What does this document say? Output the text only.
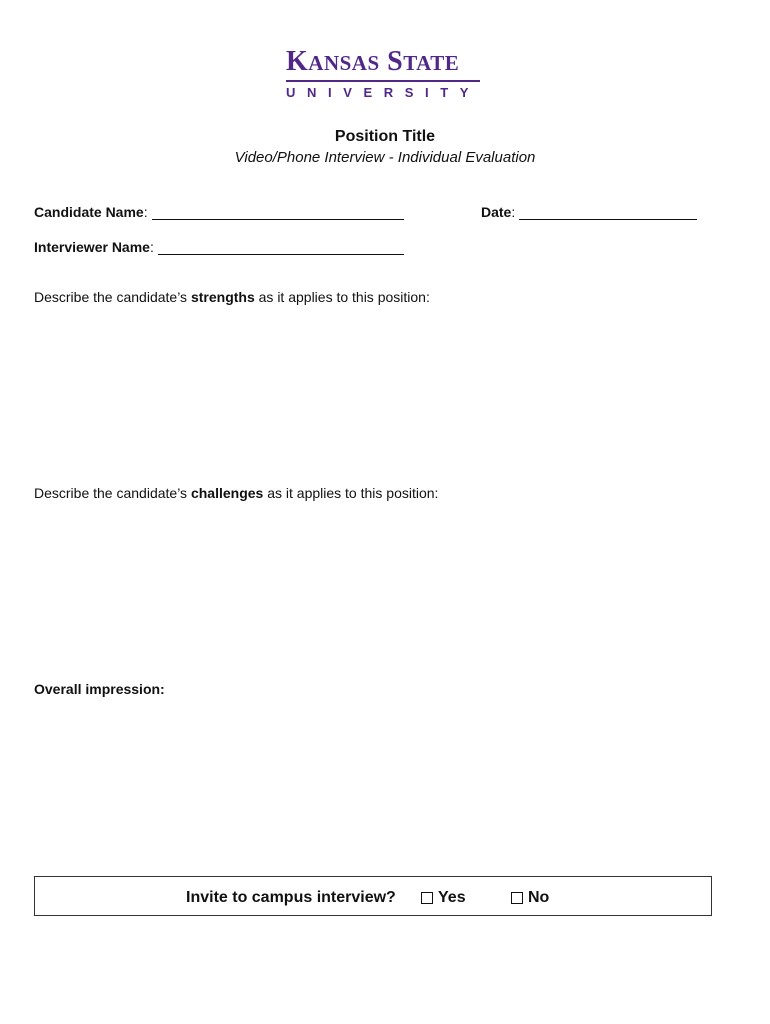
KANSAS STATE
UNIVERSITY
Position Title
Video/Phone Interview - Individual Evaluation
Candidate Name :	Date :
Interviewer Name :
Describe the candidate’s strengths as it applies to this position:
Describe the candidate’s challenges as it applies to this position:
Overall impression:
Invite to campus interview?	Yes	No
